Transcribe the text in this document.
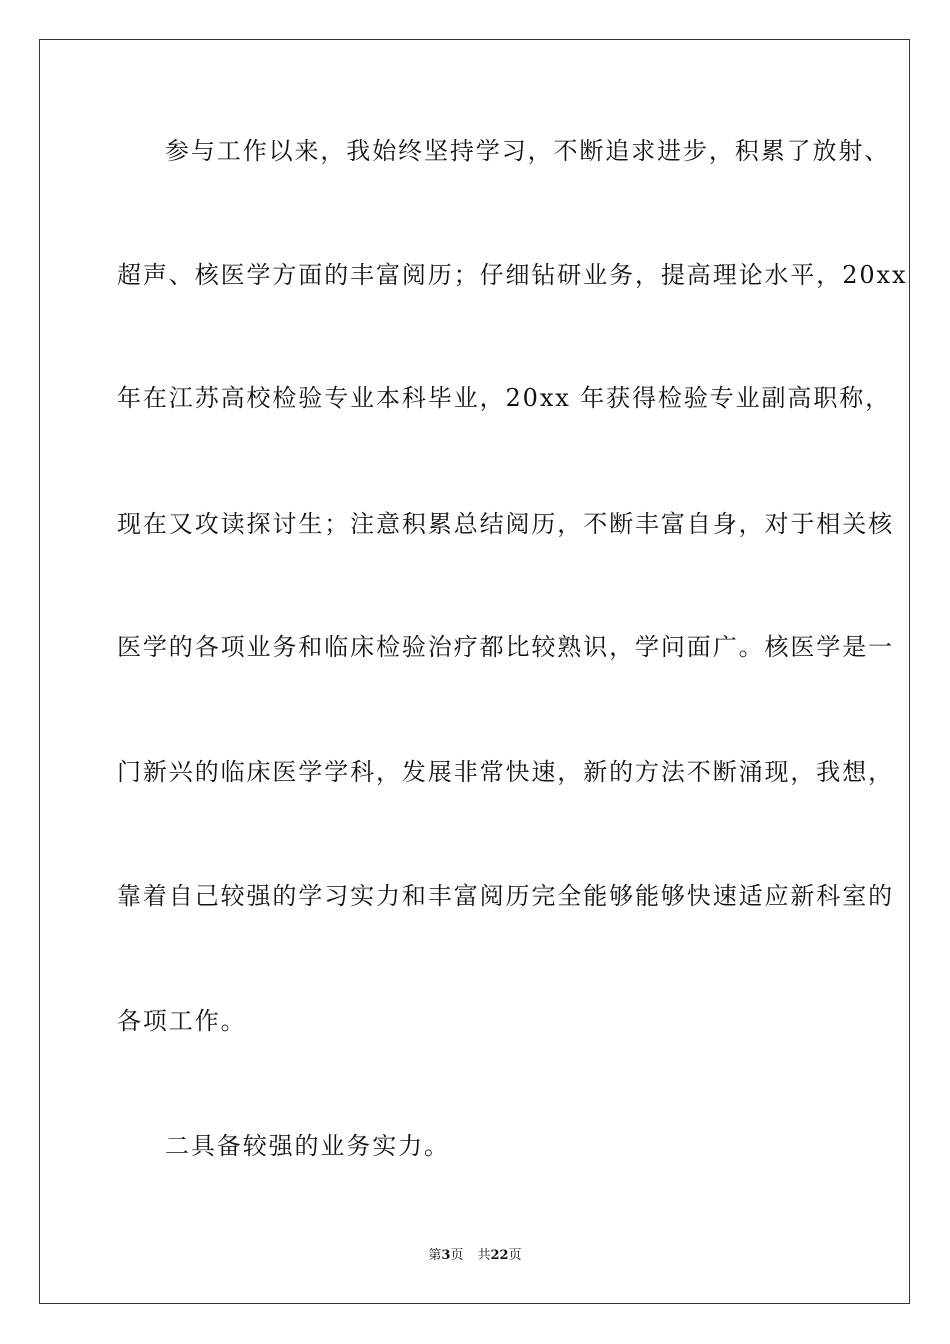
参与工作以来，我始终坚持学习，不断追求进步，积累了放射、
超声、核医学方面的丰富阅历；仔细钻研业务，提高理论水平，20xx
年在江苏高校检验专业本科毕业，20xx 年获得检验专业副高职称，
现在又攻读探讨生；注意积累总结阅历，不断丰富自身，对于相关核
医学的各项业务和临床检验治疗都比较熟识，学问面广。核医学是一
门新兴的临床医学学科，发展非常快速，新的方法不断涌现，我想，
靠着自己较强的学习实力和丰富阅历完全能够能够快速适应新科室的
各项工作。
二具备较强的业务实力。
第3页 共22页
